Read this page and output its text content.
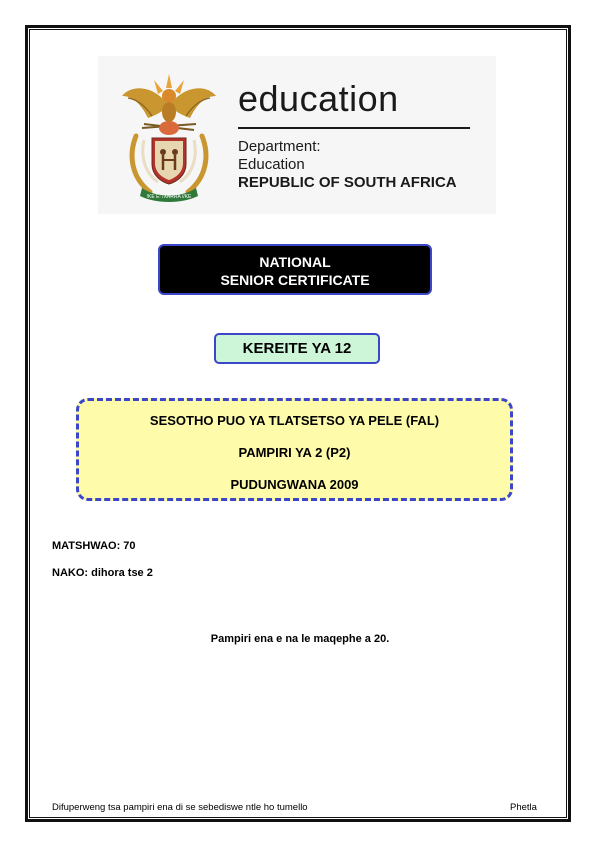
!KE E: /XARRA //KE
education
Department:
Education
REPUBLIC OF SOUTH AFRICA
NATIONAL
SENIOR CERTIFICATE
KEREITE YA 12
SESOTHO PUO YA TLATSETSO YA PELE (FAL)
PAMPIRI YA 2 (P2)
PUDUNGWANA 2009
MATSHWAO: 70
NAKO: dihora tse 2
Pampiri ena e na le maqephe a 20.
Difuperweng tsa pampiri ena di se sebediswe ntle ho tumello	Phetla
